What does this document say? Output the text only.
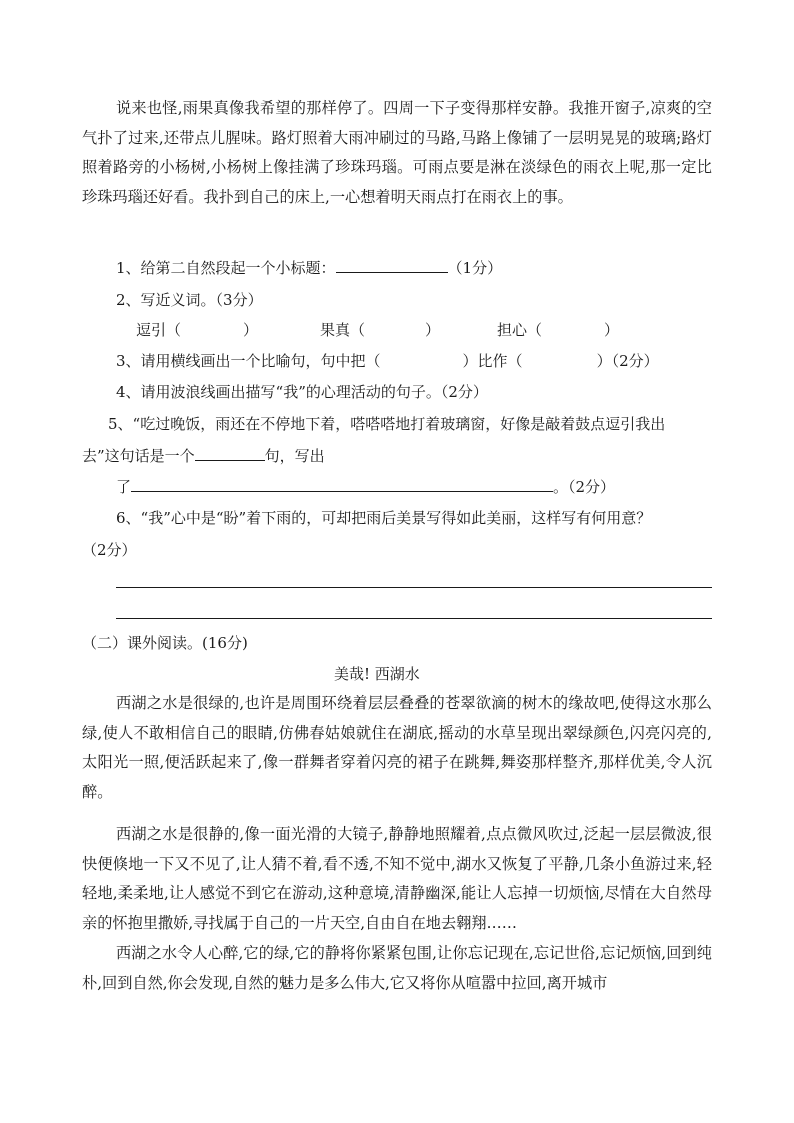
说来也怪,雨果真像我希望的那样停了。四周一下子变得那样安静。我推开窗子,凉爽的空气扑了过来,还带点儿腥味。路灯照着大雨冲刷过的马路,马路上像铺了一层明晃晃的玻璃;路灯照着路旁的小杨树,小杨树上像挂满了珍珠玛瑙。可雨点要是淋在淡绿色的雨衣上呢,那一定比珍珠玛瑙还好看。我扑到自己的床上,一心想着明天雨点打在雨衣上的事。
1、给第二自然段起一个小标题：	（1分）
2、写近义词。（3分）
逗引（	）	果真（	）	担心（	）
3、请用横线画出一个比喻句，句中把（	）比作（	）（2分）
4、请用波浪线画出描写“我”的心理活动的句子。（2分）
5、“吃过晚饭，雨还在不停地下着，嗒嗒嗒地打着玻璃窗，好像是敲着鼓点逗引我出
去”这句话是一个	句，写出
了	。（2分）
6、“我”心中是“盼”着下雨的，可却把雨后美景写得如此美丽，这样写有何用意？
（2分）
（二）课外阅读。(16分)
美哉! 西湖水
西湖之水是很绿的,也许是周围环绕着层层叠叠的苍翠欲滴的树木的缘故吧,使得这水那么绿,使人不敢相信自己的眼睛,仿佛春姑娘就住在湖底,摇动的水草呈现出翠绿颜色,闪亮闪亮的,太阳光一照,便活跃起来了,像一群舞者穿着闪亮的裙子在跳舞,舞姿那样整齐,那样优美,令人沉醉。
西湖之水是很静的,像一面光滑的大镜子,静静地照耀着,点点微风吹过,泛起一层层微波,很快便倏地一下又不见了,让人猜不着,看不透,不知不觉中,湖水又恢复了平静,几条小鱼游过来,轻轻地,柔柔地,让人感觉不到它在游动,这种意境,清静幽深,能让人忘掉一切烦恼,尽情在大自然母亲的怀抱里撒娇,寻找属于自己的一片天空,自由自在地去翱翔……
西湖之水令人心醉,它的绿,它的静将你紧紧包围,让你忘记现在,忘记世俗,忘记烦恼,回到纯朴,回到自然,你会发现,自然的魅力是多么伟大,它又将你从喧嚣中拉回,离开城市
